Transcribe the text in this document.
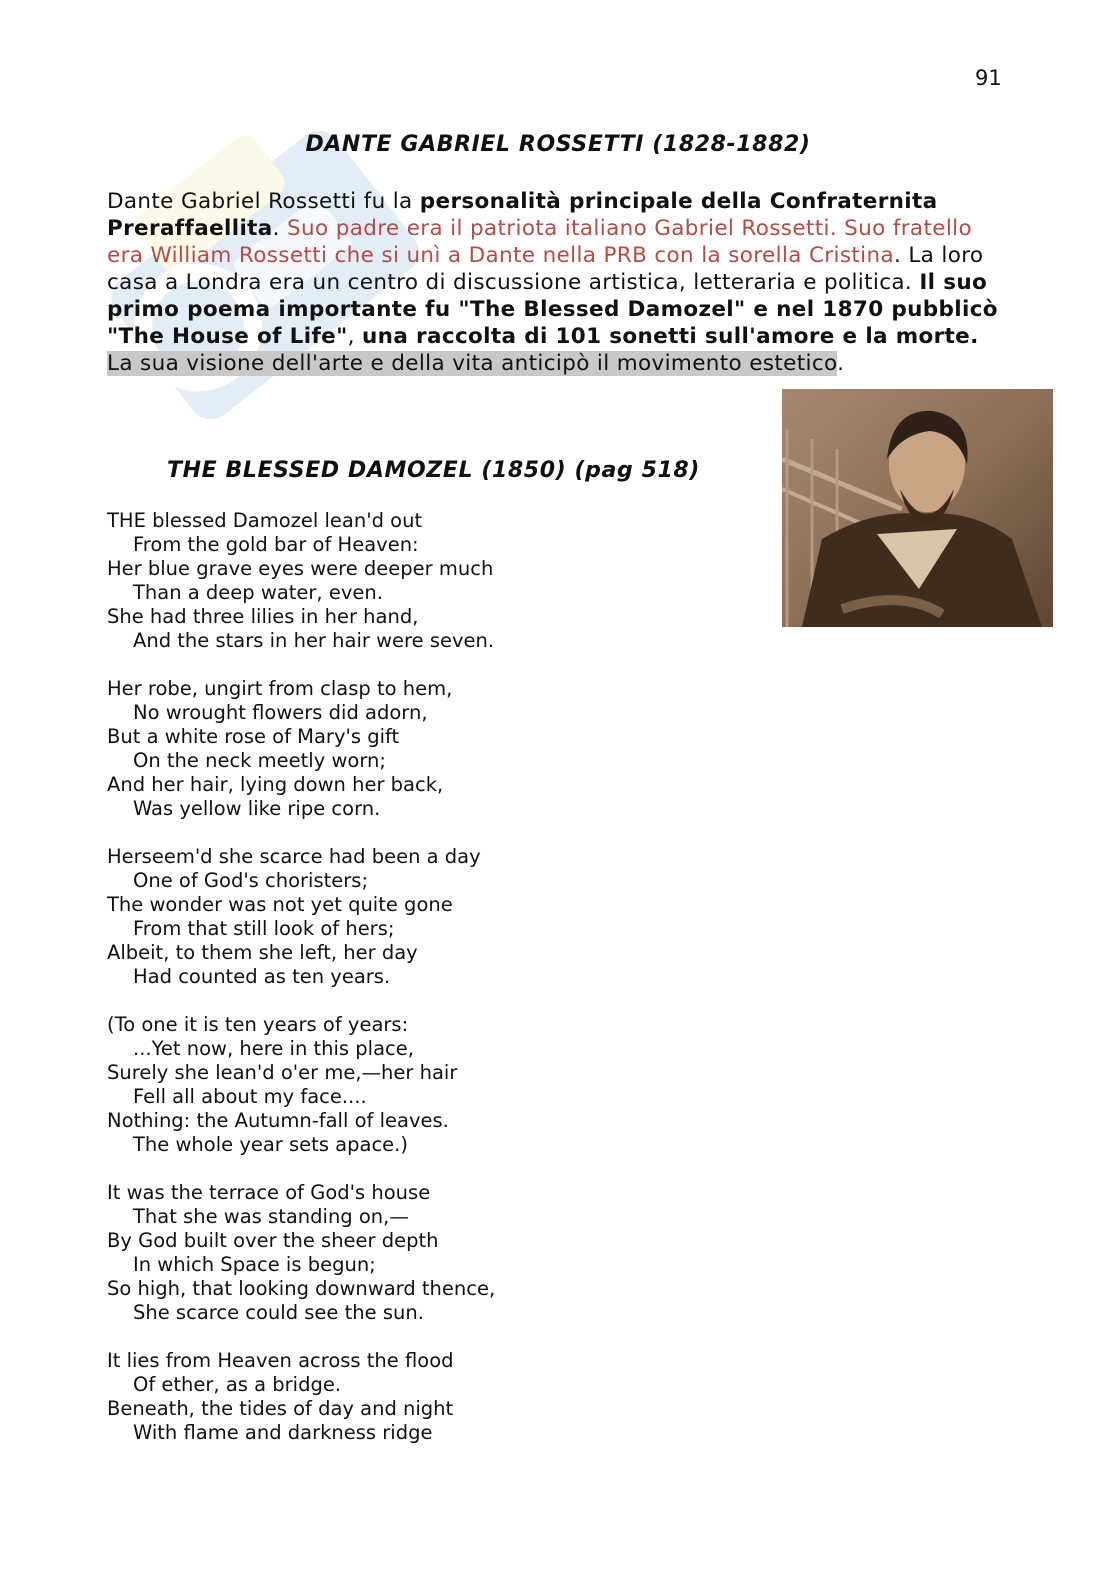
91
DANTE GABRIEL ROSSETTI (1828-1882)
Dante Gabriel Rossetti fu la personalità principale della Confraternita Preraffaellita. Suo padre era il patriota italiano Gabriel Rossetti. Suo fratello era William Rossetti che si unì a Dante nella PRB con la sorella Cristina. La loro casa a Londra era un centro di discussione artistica, letteraria e politica. Il suo primo poema importante fu "The Blessed Damozel" e nel 1870 pubblicò "The House of Life", una raccolta di 101 sonetti sull'amore e la morte.
La sua visione dell'arte e della vita anticipò il movimento estetico.
THE BLESSED DAMOZEL (1850) (pag 518)
THE blessed Damozel lean'd out
From the gold bar of Heaven:
Her blue grave eyes were deeper much
Than a deep water, even.
She had three lilies in her hand,
And the stars in her hair were seven.
Her robe, ungirt from clasp to hem,
No wrought flowers did adorn,
But a white rose of Mary's gift
On the neck meetly worn;
And her hair, lying down her back,
Was yellow like ripe corn.
Herseem'd she scarce had been a day
One of God's choristers;
The wonder was not yet quite gone
From that still look of hers;
Albeit, to them she left, her day
Had counted as ten years.
(To one it is ten years of years:
...Yet now, here in this place,
Surely she lean'd o'er me,—her hair
Fell all about my face....
Nothing: the Autumn-fall of leaves.
The whole year sets apace.)
It was the terrace of God's house
That she was standing on,—
By God built over the sheer depth
In which Space is begun;
So high, that looking downward thence,
She scarce could see the sun.
It lies from Heaven across the flood
Of ether, as a bridge.
Beneath, the tides of day and night
With flame and darkness ridge
